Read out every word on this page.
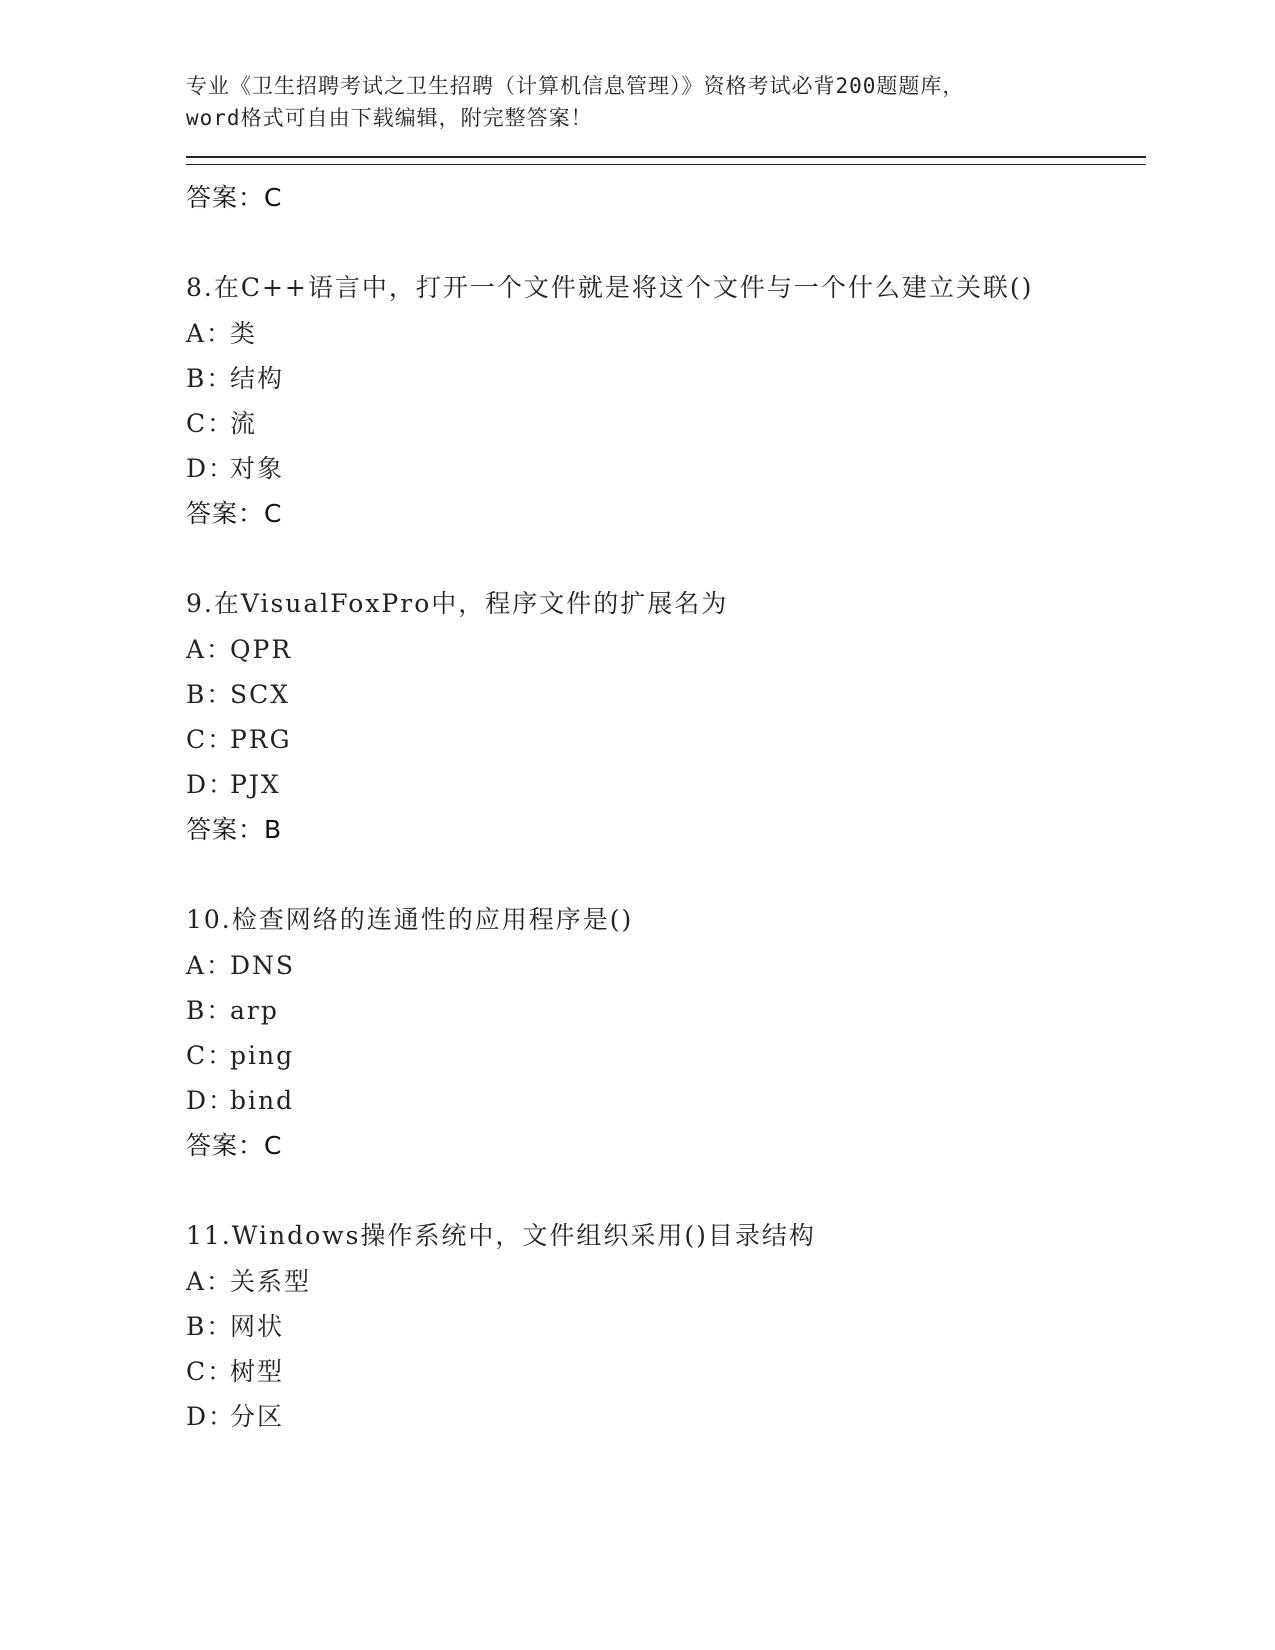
专业《卫生招聘考试之卫生招聘（计算机信息管理）》资格考试必背200题题库，
word格式可自由下载编辑，附完整答案！
答案：C
8.在C++语言中，打开一个文件就是将这个文件与一个什么建立关联()
A：类
B：结构
C：流
D：对象
答案：C
9.在VisualFoxPro中，程序文件的扩展名为
A：QPR
B：SCX
C：PRG
D：PJX
答案：B
10.检查网络的连通性的应用程序是()
A：DNS
B：arp
C：ping
D：bind
答案：C
11.Windows操作系统中，文件组织采用()目录结构
A：关系型
B：网状
C：树型
D：分区
